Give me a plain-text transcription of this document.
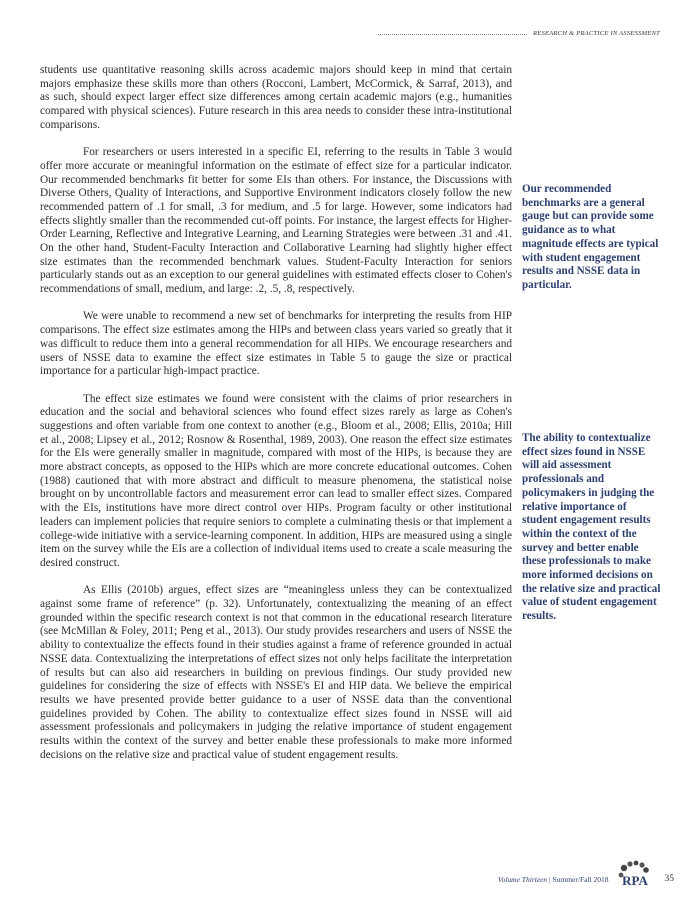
RESEARCH & PRACTICE IN ASSESSMENT

students use quantitative reasoning skills across academic majors should keep in mind that certain majors emphasize these skills more than others (Rocconi, Lambert, McCormick, & Sarraf, 2013), and as such, should expect larger effect size differences among certain academic majors (e.g., humanities compared with physical sciences). Future research in this area needs to consider these intra-institutional comparisons.

For researchers or users interested in a specific EI, referring to the results in Table 3 would offer more accurate or meaningful information on the estimate of effect size for a particular indicator. Our recommended benchmarks fit better for some EIs than others. For instance, the Discussions with Diverse Others, Quality of Interactions, and Supportive Environment indicators closely follow the new recommended pattern of .1 for small, .3 for medium, and .5 for large. However, some indicators had effects slightly smaller than the recommended cut-off points. For instance, the largest effects for Higher-Order Learning, Reflective and Integrative Learning, and Learning Strategies were between .31 and .41. On the other hand, Student-Faculty Interaction and Collaborative Learning had slightly higher effect size estimates than the recommended benchmark values. Student-Faculty Interaction for seniors particularly stands out as an exception to our general guidelines with estimated effects closer to Cohen's recommendations of small, medium, and large: .2, .5, .8, respectively.

We were unable to recommend a new set of benchmarks for interpreting the results from HIP comparisons. The effect size estimates among the HIPs and between class years varied so greatly that it was difficult to reduce them into a general recommendation for all HIPs. We encourage researchers and users of NSSE data to examine the effect size estimates in Table 5 to gauge the size or practical importance for a particular high-impact practice.

The effect size estimates we found were consistent with the claims of prior researchers in education and the social and behavioral sciences who found effect sizes rarely as large as Cohen's suggestions and often variable from one context to another (e.g., Bloom et al., 2008; Ellis, 2010a; Hill et al., 2008; Lipsey et al., 2012; Rosnow & Rosenthal, 1989, 2003). One reason the effect size estimates for the EIs were generally smaller in magnitude, compared with most of the HIPs, is because they are more abstract concepts, as opposed to the HIPs which are more concrete educational outcomes. Cohen (1988) cautioned that with more abstract and difficult to measure phenomena, the statistical noise brought on by uncontrollable factors and measurement error can lead to smaller effect sizes. Compared with the EIs, institutions have more direct control over HIPs. Program faculty or other institutional leaders can implement policies that require seniors to complete a culminating thesis or that implement a college-wide initiative with a service-learning component. In addition, HIPs are measured using a single item on the survey while the EIs are a collection of individual items used to create a scale measuring the desired construct.

As Ellis (2010b) argues, effect sizes are “meaningless unless they can be contextualized against some frame of reference” (p. 32). Unfortunately, contextualizing the meaning of an effect grounded within the specific research context is not that common in the educational research literature (see McMillan & Foley, 2011; Peng et al., 2013). Our study provides researchers and users of NSSE the ability to contextualize the effects found in their studies against a frame of reference grounded in actual NSSE data. Contextualizing the interpretations of effect sizes not only helps facilitate the interpretation of results but can also aid researchers in building on previous findings. Our study provided new guidelines for considering the size of effects with NSSE's EI and HIP data. We believe the empirical results we have presented provide better guidance to a user of NSSE data than the conventional guidelines provided by Cohen. The ability to contextualize effect sizes found in NSSE will aid assessment professionals and policymakers in judging the relative importance of student engagement results within the context of the survey and better enable these professionals to make more informed decisions on the relative size and practical value of student engagement results.

Our recommended benchmarks are a general gauge but can provide some guidance as to what magnitude effects are typical with student engagement results and NSSE data in particular.
The ability to contextualize effect sizes found in NSSE will aid assessment professionals and policymakers in judging the relative importance of student engagement results within the context of the survey and better enable these professionals to make more informed decisions on the relative size and practical value of student engagement results.
Volume Thirteen | Summer/Fall 2018 RPA 35
